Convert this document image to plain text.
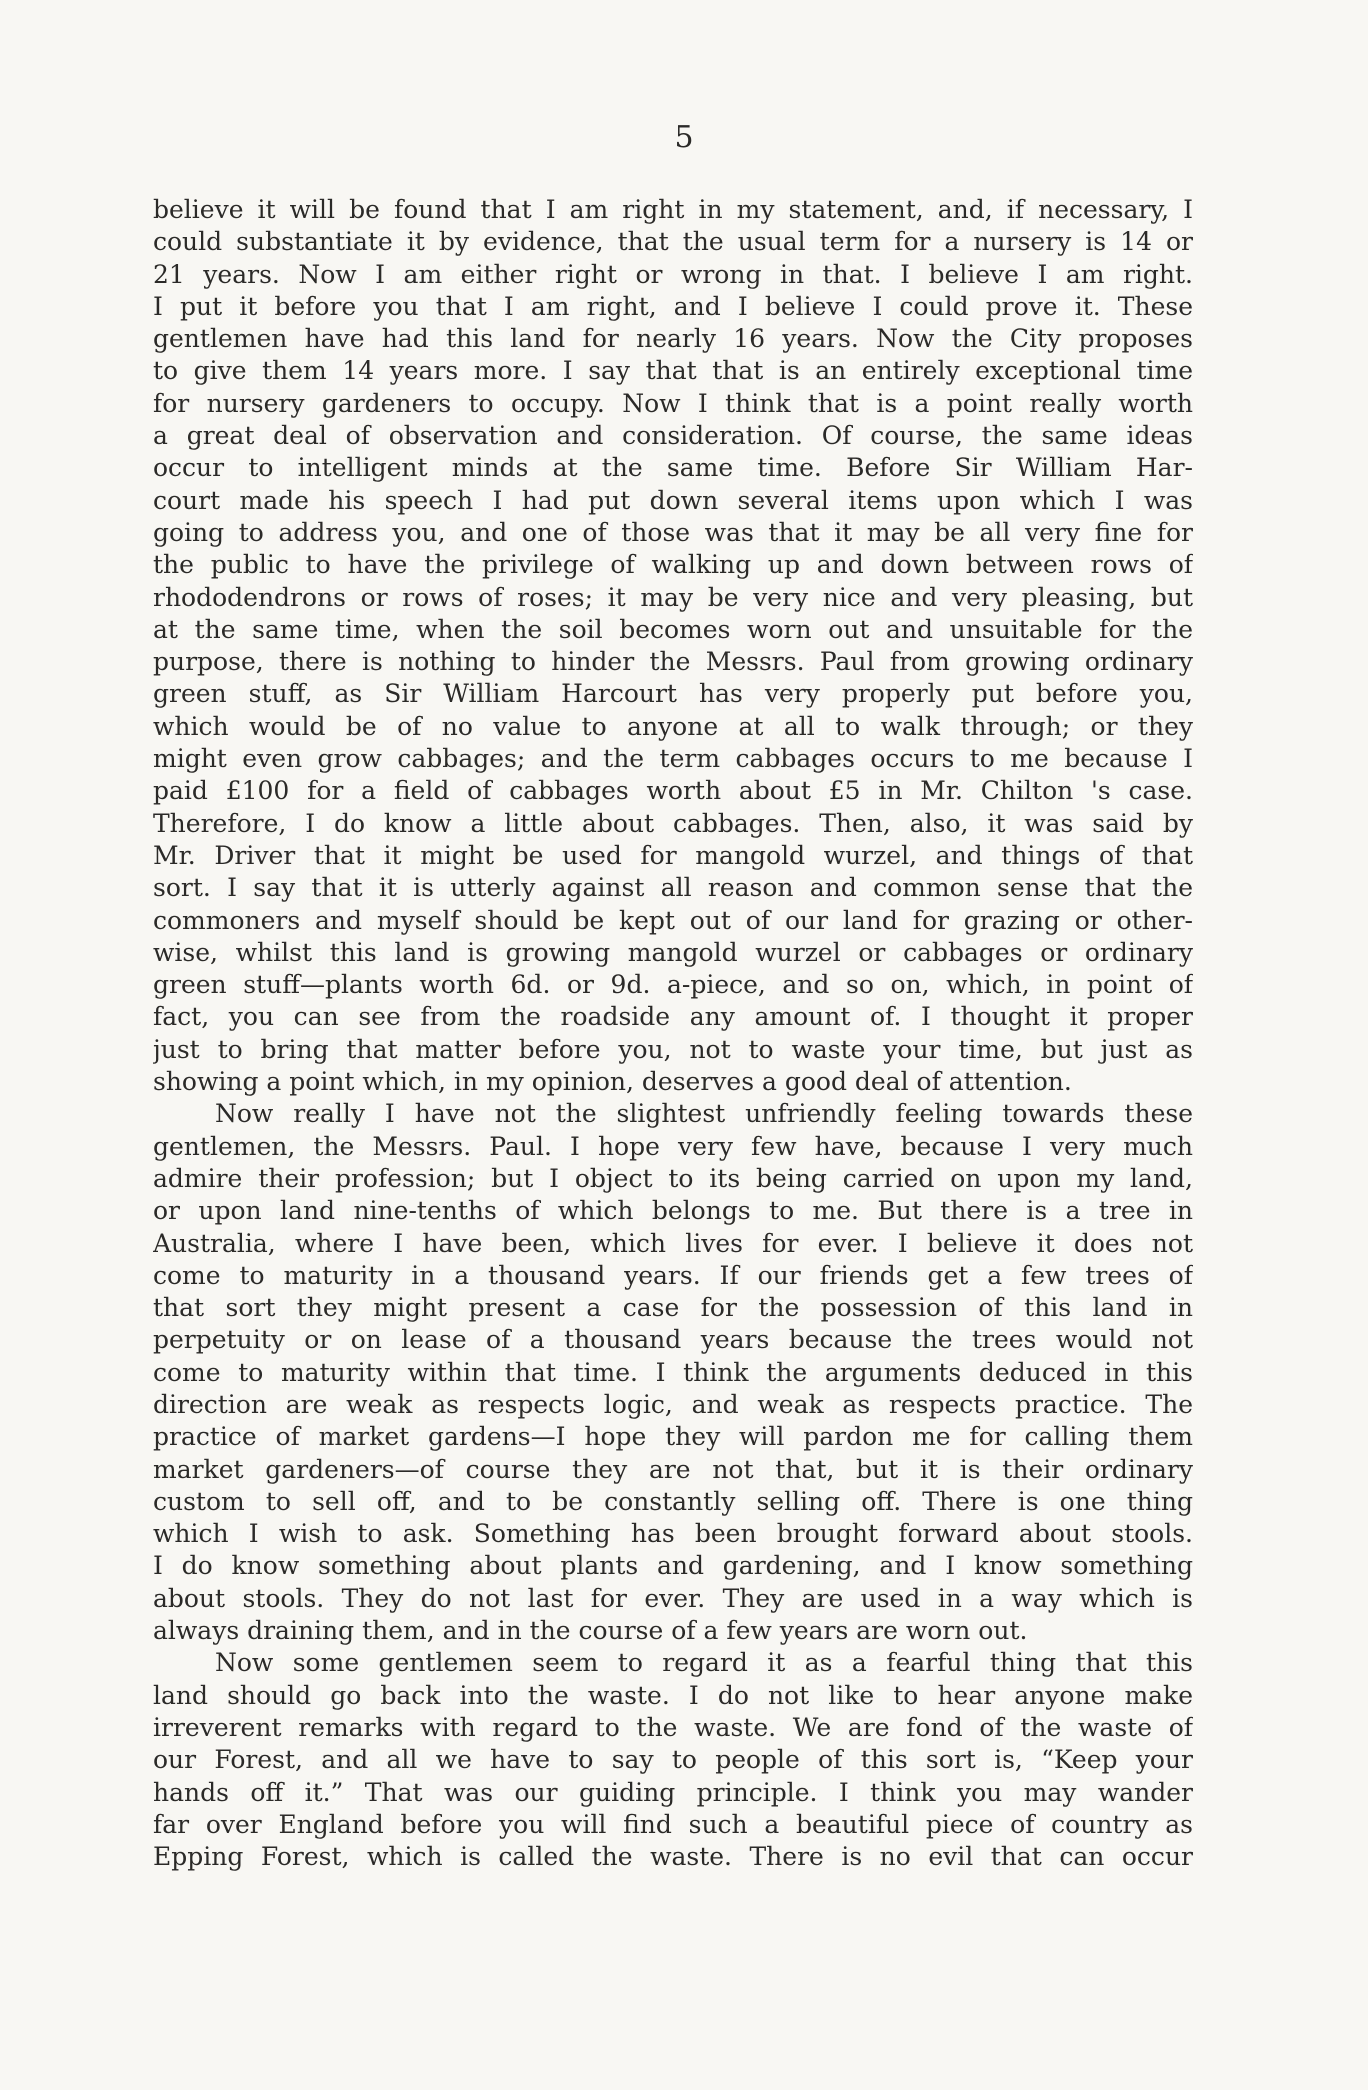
5
believe it will be found that I am right in my statement, and, if necessary, I
could substantiate it by evidence, that the usual term for a nursery is 14 or
21 years. Now I am either right or wrong in that. I believe I am right.
I put it before you that I am right, and I believe I could prove it. These
gentlemen have had this land for nearly 16 years. Now the City proposes
to give them 14 years more. I say that that is an entirely exceptional time
for nursery gardeners to occupy. Now I think that is a point really worth
a great deal of observation and consideration. Of course, the same ideas
occur to intelligent minds at the same time. Before Sir William Har-
court made his speech I had put down several items upon which I was
going to address you, and one of those was that it may be all very fine for
the public to have the privilege of walking up and down between rows of
rhododendrons or rows of roses; it may be very nice and very pleasing, but
at the same time, when the soil becomes worn out and unsuitable for the
purpose, there is nothing to hinder the Messrs. Paul from growing ordinary
green stuff, as Sir William Harcourt has very properly put before you,
which would be of no value to anyone at all to walk through; or they
might even grow cabbages; and the term cabbages occurs to me because I
paid £100 for a field of cabbages worth about £5 in Mr. Chilton 's case.
Therefore, I do know a little about cabbages. Then, also, it was said by
Mr. Driver that it might be used for mangold wurzel, and things of that
sort. I say that it is utterly against all reason and common sense that the
commoners and myself should be kept out of our land for grazing or other-
wise, whilst this land is growing mangold wurzel or cabbages or ordinary
green stuff—plants worth 6d. or 9d. a-piece, and so on, which, in point of
fact, you can see from the roadside any amount of. I thought it proper
just to bring that matter before you, not to waste your time, but just as
showing a point which, in my opinion, deserves a good deal of attention.
Now really I have not the slightest unfriendly feeling towards these
gentlemen, the Messrs. Paul. I hope very few have, because I very much
admire their profession; but I object to its being carried on upon my land,
or upon land nine-tenths of which belongs to me. But there is a tree in
Australia, where I have been, which lives for ever. I believe it does not
come to maturity in a thousand years. If our friends get a few trees of
that sort they might present a case for the possession of this land in
perpetuity or on lease of a thousand years because the trees would not
come to maturity within that time. I think the arguments deduced in this
direction are weak as respects logic, and weak as respects practice. The
practice of market gardens—I hope they will pardon me for calling them
market gardeners—of course they are not that, but it is their ordinary
custom to sell off, and to be constantly selling off. There is one thing
which I wish to ask. Something has been brought forward about stools.
I do know something about plants and gardening, and I know something
about stools. They do not last for ever. They are used in a way which is
always draining them, and in the course of a few years are worn out.
Now some gentlemen seem to regard it as a fearful thing that this
land should go back into the waste. I do not like to hear anyone make
irreverent remarks with regard to the waste. We are fond of the waste of
our Forest, and all we have to say to people of this sort is, “Keep your
hands off it.” That was our guiding principle. I think you may wander
far over England before you will find such a beautiful piece of country as
Epping Forest, which is called the waste. There is no evil that can occur
